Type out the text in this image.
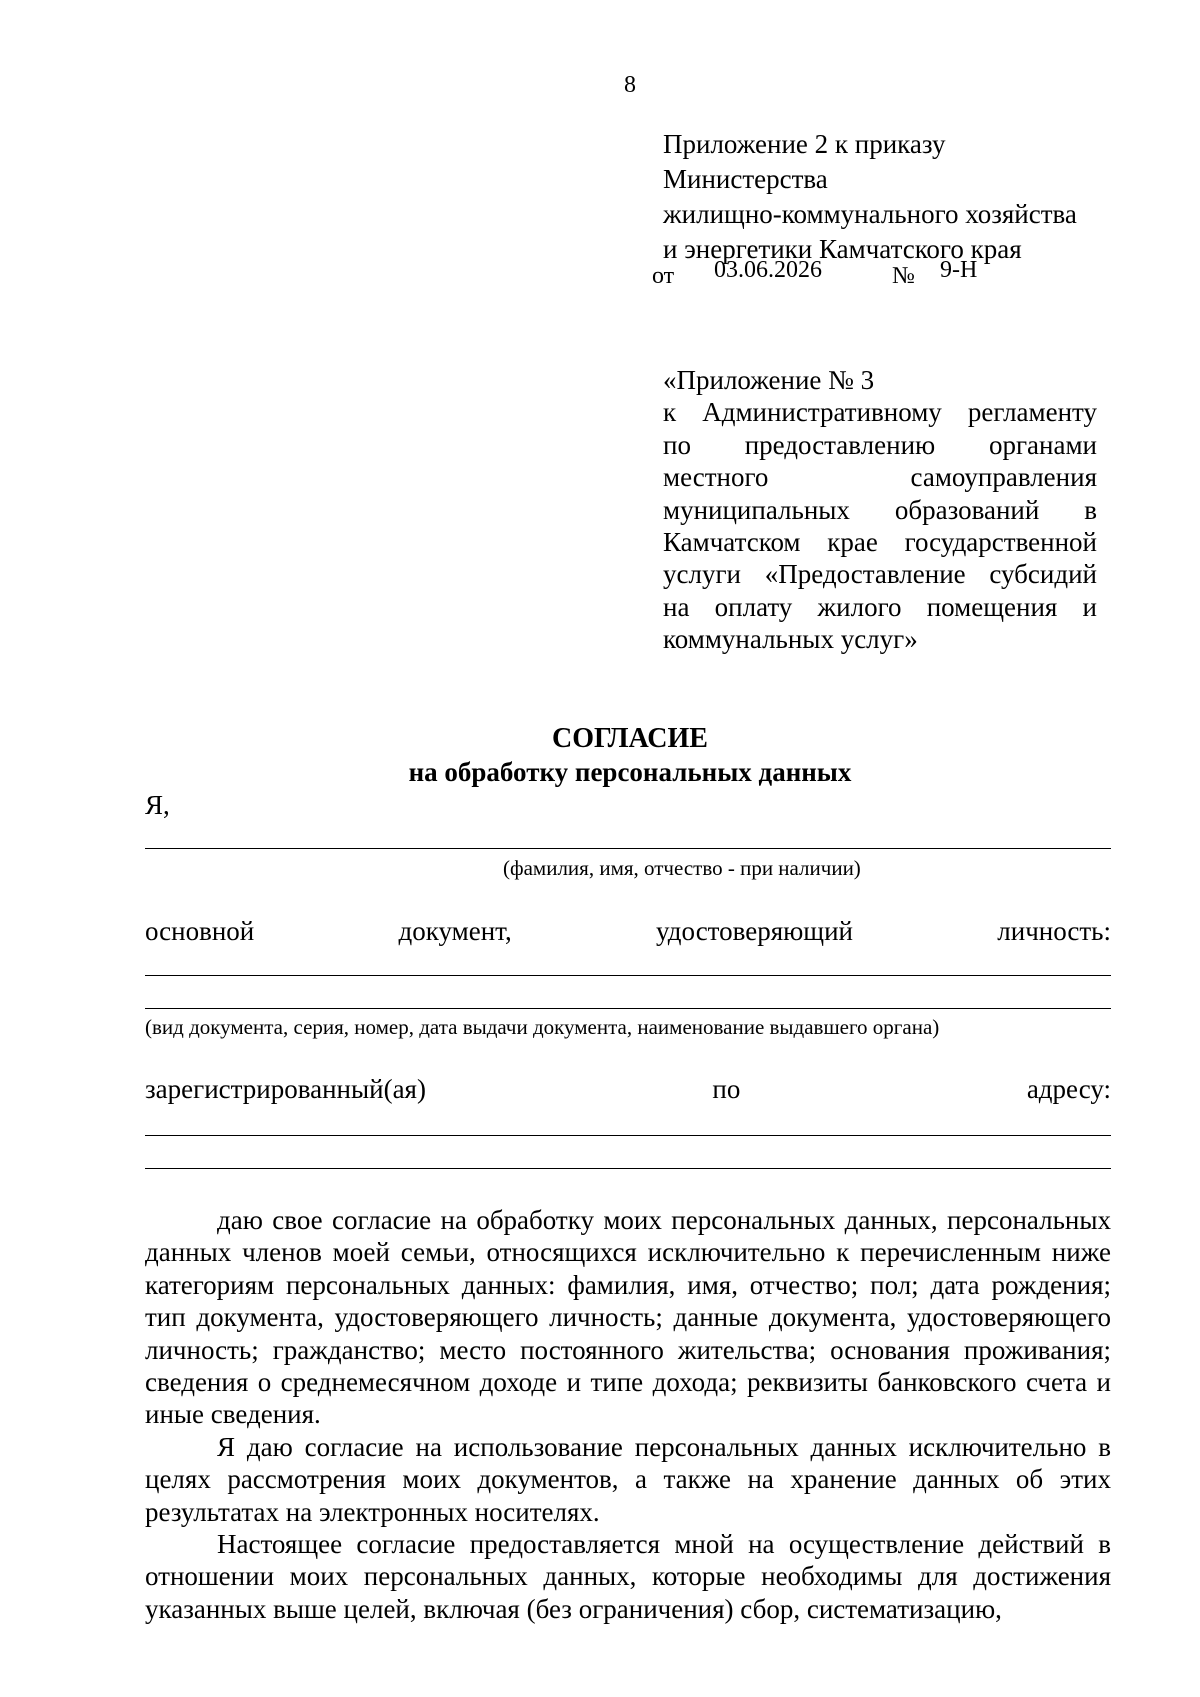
8
Приложение 2 к приказу
Министерства
жилищно-коммунального хозяйства
и энергетики Камчатского края
от 03.06.2026	№ 9-Н
«Приложение № 3
к Административному регламенту
по предоставлению органами
местного самоуправления
муниципальных образований в
Камчатском крае государственной
услуги «Предоставление субсидий
на оплату жилого помещения и
коммунальных услуг»
СОГЛАСИЕ
на обработку персональных данных
Я,
(фамилия, имя, отчество - при наличии)
основной	документ,	удостоверяющий	личность:
(вид документа, серия, номер, дата выдачи документа, наименование выдавшего органа)
зарегистрированный(ая)	по	адресу:

даю свое согласие на обработку моих персональных данных, персональных данных членов моей семьи, относящихся исключительно к перечисленным ниже категориям персональных данных: фамилия, имя, отчество; пол; дата рождения; тип документа, удостоверяющего личность; данные документа, удостоверяющего личность; гражданство; место постоянного жительства; основания проживания; сведения о среднемесячном доходе и типе дохода; реквизиты банковского счета и иные сведения.

Я даю согласие на использование персональных данных исключительно в целях рассмотрения моих документов, а также на хранение данных об этих результатах на электронных носителях.

Настоящее согласие предоставляется мной на осуществление действий в отношении моих персональных данных, которые необходимы для достижения указанных выше целей, включая (без ограничения) сбор, систематизацию,
